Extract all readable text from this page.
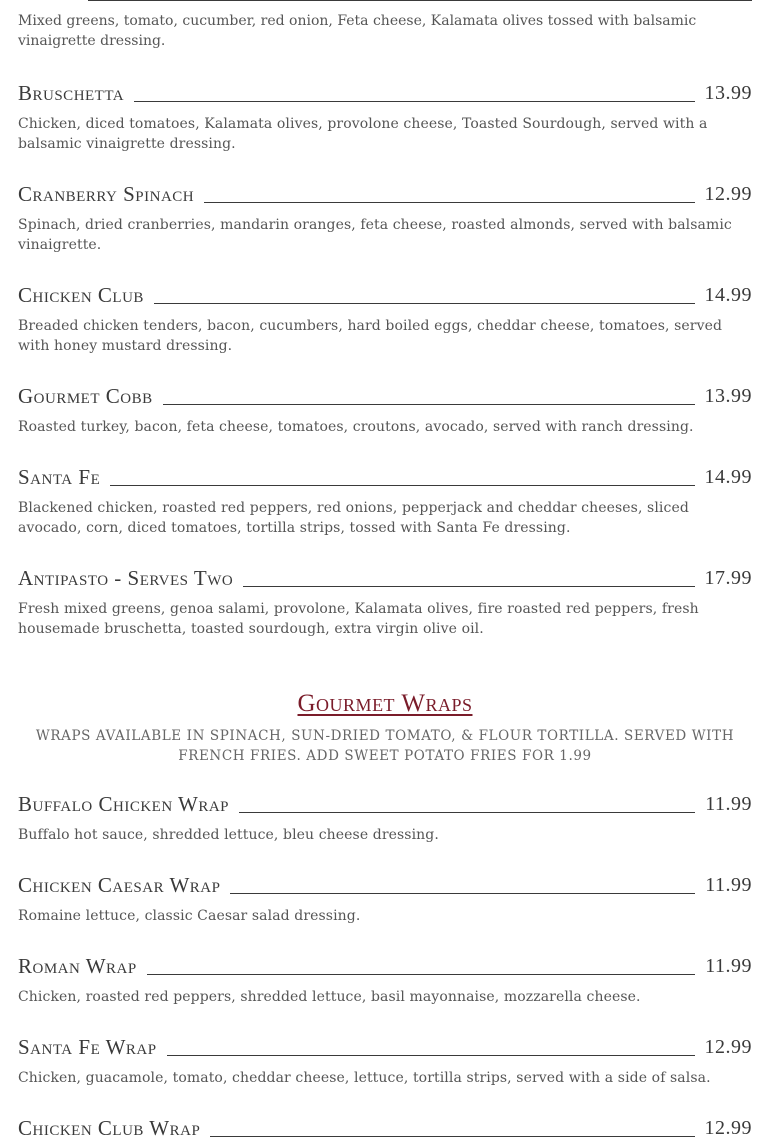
Mixed greens, tomato, cucumber, red onion, Feta cheese, Kalamata olives tossed with balsamic vinaigrette dressing.
Bruschetta	13.99
Chicken, diced tomatoes, Kalamata olives, provolone cheese, Toasted Sourdough, served with a balsamic vinaigrette dressing.
Cranberry Spinach	12.99
Spinach, dried cranberries, mandarin oranges, feta cheese, roasted almonds, served with balsamic vinaigrette.
Chicken Club	14.99
Breaded chicken tenders, bacon, cucumbers, hard boiled eggs, cheddar cheese, tomatoes, served with honey mustard dressing.
Gourmet Cobb	13.99
Roasted turkey, bacon, feta cheese, tomatoes, croutons, avocado, served with ranch dressing.
Santa Fe	14.99
Blackened chicken, roasted red peppers, red onions, pepperjack and cheddar cheeses, sliced avocado, corn, diced tomatoes, tortilla strips, tossed with Santa Fe dressing.
Antipasto - Serves Two	17.99
Fresh mixed greens, genoa salami, provolone, Kalamata olives, fire roasted red peppers, fresh housemade bruschetta, toasted sourdough, extra virgin olive oil.
Gourmet Wraps
WRAPS AVAILABLE IN SPINACH, SUN-DRIED TOMATO, & FLOUR TORTILLA. SERVED WITH FRENCH FRIES. ADD SWEET POTATO FRIES FOR 1.99
Buffalo Chicken Wrap	11.99
Buffalo hot sauce, shredded lettuce, bleu cheese dressing.
Chicken Caesar Wrap	11.99
Romaine lettuce, classic Caesar salad dressing.
Roman Wrap	11.99
Chicken, roasted red peppers, shredded lettuce, basil mayonnaise, mozzarella cheese.
Santa Fe Wrap	12.99
Chicken, guacamole, tomato, cheddar cheese, lettuce, tortilla strips, served with a side of salsa.
Chicken Club Wrap	12.99
